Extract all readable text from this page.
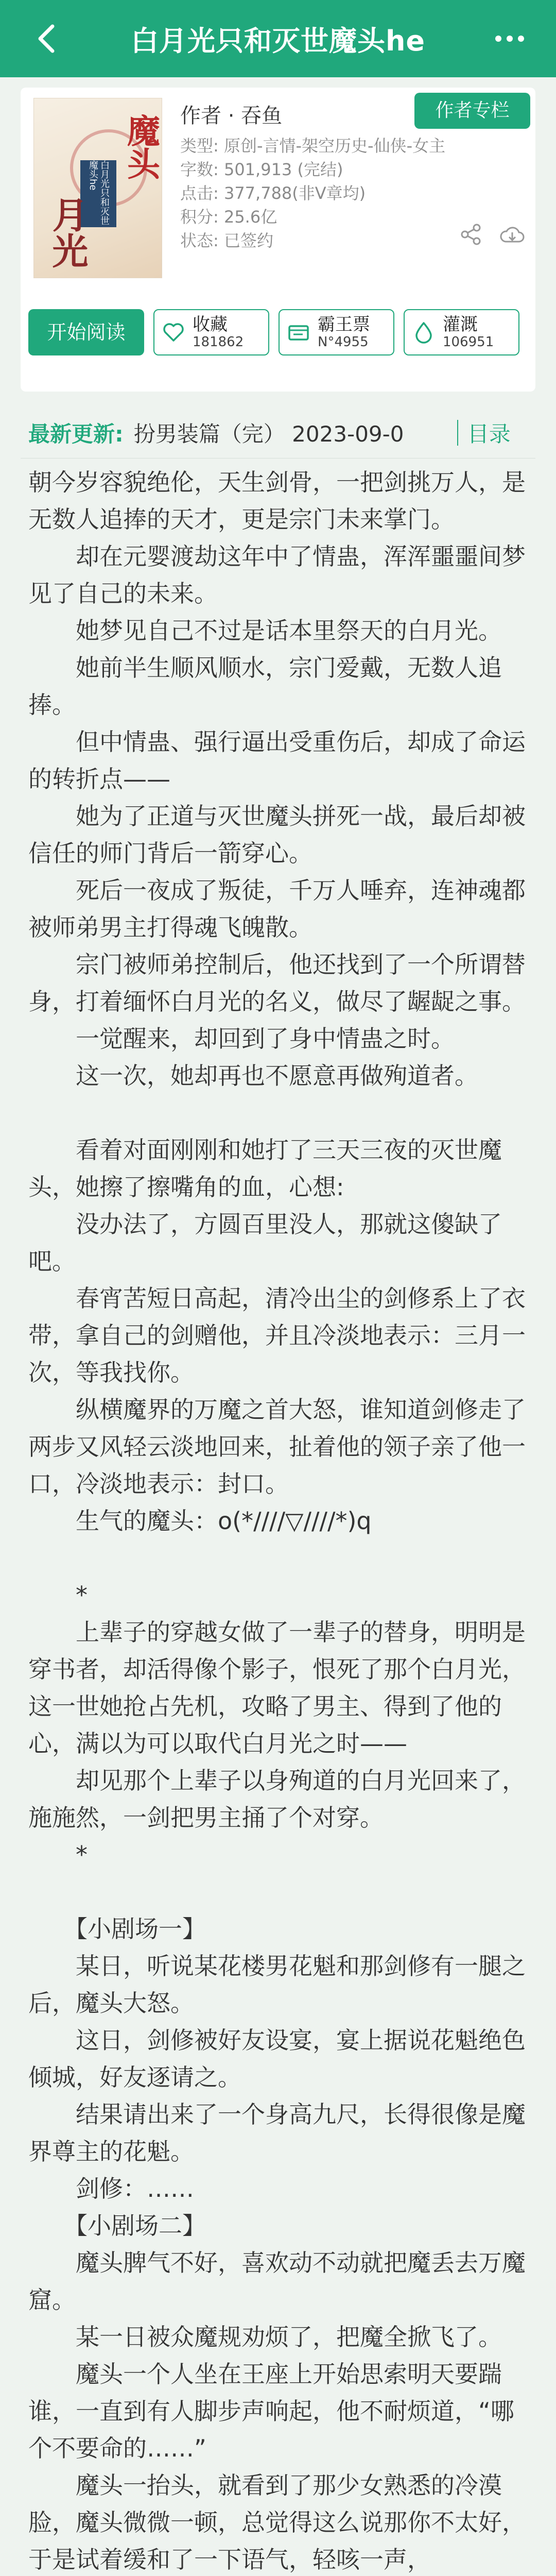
白月光只和灭世魔头he
魔头
白月光只和灭世魔头he
月光
作者 · 吞鱼
类型: 原创-言情-架空历史-仙侠-女主
字数: 501,913 (完结)
点击: 377,788(非V章均)
积分: 25.6亿
状态: 已签约
作者专栏
开始阅读	收藏
181862
霸王票
N°4955
灌溉
106951
最新更新: 扮男装篇（完） 2023-09-0	目录

朝今岁容貌绝伦，天生剑骨，一把剑挑万人，是无数人追捧的天才，更是宗门未来掌门。

　　却在元婴渡劫这年中了情蛊，浑浑噩噩间梦见了自己的未来。

　　她梦见自己不过是话本里祭天的白月光。

　　她前半生顺风顺水，宗门爱戴，无数人追捧。

　　但中情蛊、强行逼出受重伤后，却成了命运的转折点——

　　她为了正道与灭世魔头拼死一战，最后却被信任的师门背后一箭穿心。

　　死后一夜成了叛徒，千万人唾弃，连神魂都被师弟男主打得魂飞魄散。

　　宗门被师弟控制后，他还找到了一个所谓替身，打着缅怀白月光的名义，做尽了龌龊之事。

　　一觉醒来，却回到了身中情蛊之时。

　　这一次，她却再也不愿意再做殉道者。

　　看着对面刚刚和她打了三天三夜的灭世魔头，她擦了擦嘴角的血，心想:

　　没办法了，方圆百里没人，那就这傻缺了吧。

　　春宵苦短日高起，清冷出尘的剑修系上了衣带，拿自己的剑赠他，并且冷淡地表示：三月一次，等我找你。

　　纵横魔界的万魔之首大怒，谁知道剑修走了两步又风轻云淡地回来，扯着他的领子亲了他一口，冷淡地表示：封口。

　　生气的魔头：o(*////▽////*)q

　　*

　　上辈子的穿越女做了一辈子的替身，明明是穿书者，却活得像个影子，恨死了那个白月光，这一世她抢占先机，攻略了男主、得到了他的心，满以为可以取代白月光之时——

　　却见那个上辈子以身殉道的白月光回来了，施施然，一剑把男主捅了个对穿。

　　*

　　【小剧场一】

　　某日，听说某花楼男花魁和那剑修有一腿之后，魔头大怒。

　　这日，剑修被好友设宴，宴上据说花魁绝色倾城，好友逐请之。

　　结果请出来了一个身高九尺，长得很像是魔界尊主的花魁。

　　剑修：……

　　【小剧场二】

　　魔头脾气不好，喜欢动不动就把魔丢去万魔窟。

　　某一日被众魔规劝烦了，把魔全掀飞了。

　　魔头一个人坐在王座上开始思索明天要踹谁，一直到有人脚步声响起，他不耐烦道，“哪个不要命的……”

　　魔头一抬头，就看到了那少女熟悉的冷漠脸，魔头微微一顿，总觉得这么说那你不太好，于是试着缓和了一下语气，轻咳一声，
